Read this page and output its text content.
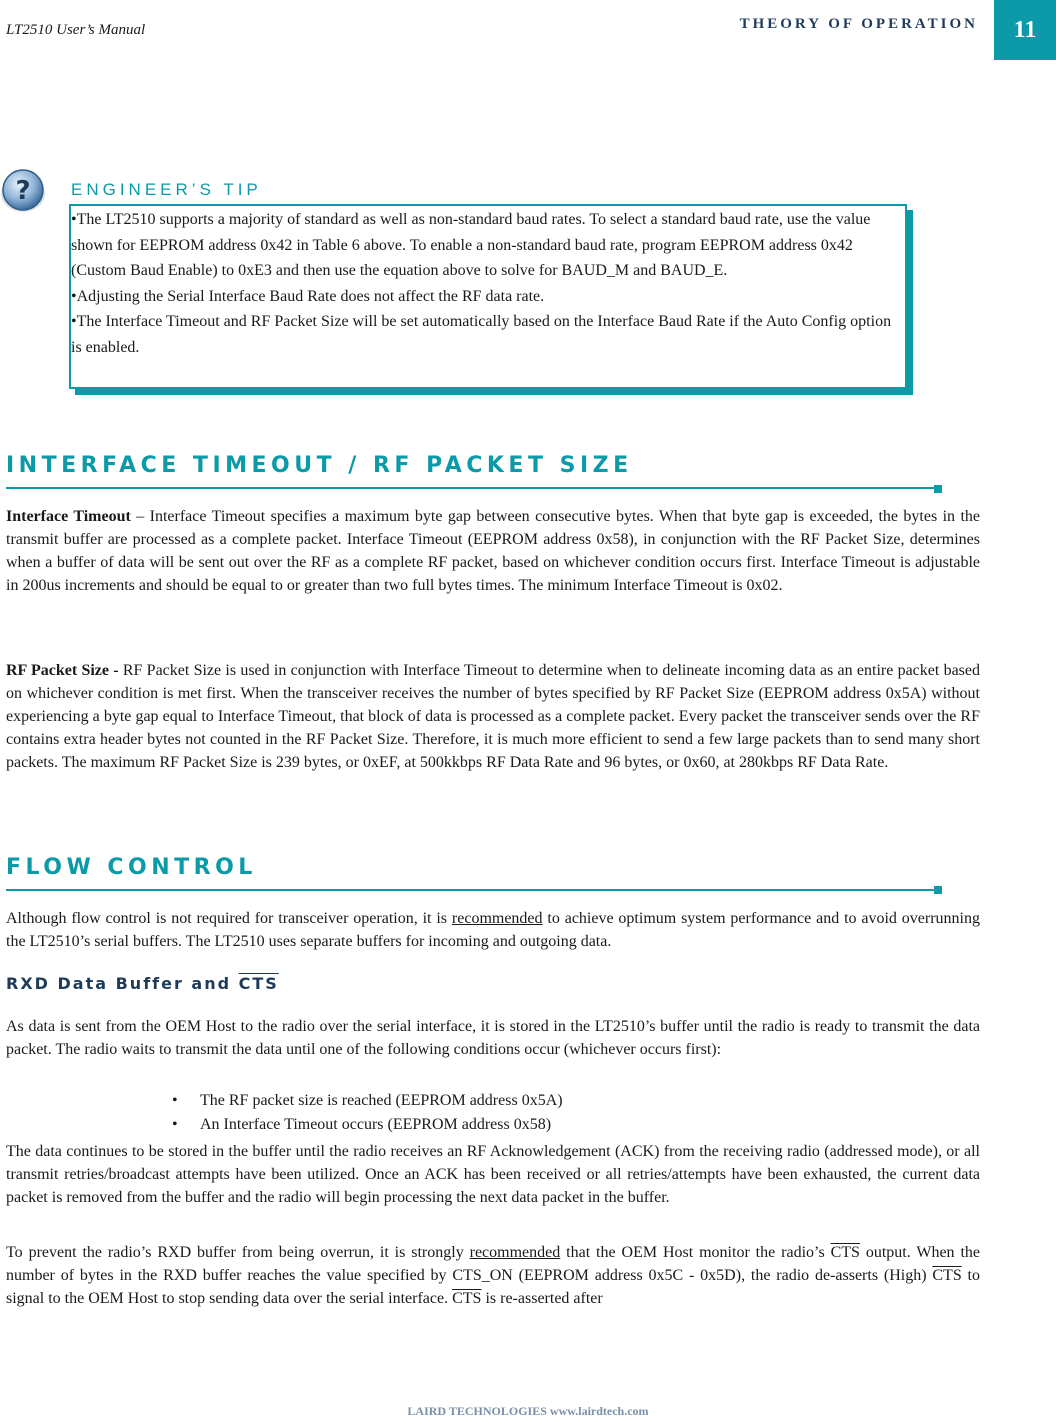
LT2510 User’s Manual	THEORY OF OPERATION	11
? ENGINEER’S TIP

•The LT2510 supports a majority of standard as well as non-standard baud rates. To select a standard baud rate, use the value shown for EEPROM address 0x42 in Table 6 above. To enable a non-standard baud rate, program EEPROM address 0x42 (Custom Baud Enable) to 0xE3 and then use the equation above to solve for BAUD_M and BAUD_E.

•Adjusting the Serial Interface Baud Rate does not affect the RF data rate.

•The Interface Timeout and RF Packet Size will be set automatically based on the Interface Baud Rate if the Auto Config option is enabled.

INTERFACE TIMEOUT / RF PACKET SIZE

Interface Timeout – Interface Timeout specifies a maximum byte gap between consecutive bytes. When that byte gap is exceeded, the bytes in the transmit buffer are processed as a complete packet. Interface Timeout (EEPROM address 0x58), in conjunction with the RF Packet Size, determines when a buffer of data will be sent out over the RF as a complete RF packet, based on whichever condition occurs first. Interface Timeout is adjustable in 200us increments and should be equal to or greater than two full bytes times. The minimum Interface Timeout is 0x02.

RF Packet Size - RF Packet Size is used in conjunction with Interface Timeout to determine when to delineate incoming data as an entire packet based on whichever condition is met first. When the transceiver receives the number of bytes specified by RF Packet Size (EEPROM address 0x5A) without experiencing a byte gap equal to Interface Timeout, that block of data is processed as a complete packet. Every packet the transceiver sends over the RF contains extra header bytes not counted in the RF Packet Size. Therefore, it is much more efficient to send a few large packets than to send many short packets. The maximum RF Packet Size is 239 bytes, or 0xEF, at 500kkbps RF Data Rate and 96 bytes, or 0x60, at 280kbps RF Data Rate.

FLOW CONTROL

Although flow control is not required for transceiver operation, it is recommended to achieve optimum system performance and to avoid overrunning the LT2510’s serial buffers. The LT2510 uses separate buffers for incoming and outgoing data.

RXD Data Buffer and $\overline{CTS}$

As data is sent from the OEM Host to the radio over the serial interface, it is stored in the LT2510’s buffer until the radio is ready to transmit the data packet. The radio waits to transmit the data until one of the following conditions occur (whichever occurs first):

• The RF packet size is reached (EEPROM address 0x5A)
• An Interface Timeout occurs (EEPROM address 0x58)

The data continues to be stored in the buffer until the radio receives an RF Acknowledgement (ACK) from the receiving radio (addressed mode), or all transmit retries/broadcast attempts have been utilized. Once an ACK has been received or all retries/attempts have been exhausted, the current data packet is removed from the buffer and the radio will begin processing the next data packet in the buffer.

To prevent the radio’s RXD buffer from being overrun, it is strongly recommended that the OEM Host monitor the radio’s $\overline{CTS}$ output. When the number of bytes in the RXD buffer reaches the value specified by CTS_ON (EEPROM address 0x5C - 0x5D), the radio de-asserts (High) $\overline{CTS}$ to signal to the OEM Host to stop sending data over the serial interface. $\overline{CTS}$ is re-asserted after

LAIRD TECHNOLOGIES www.lairdtech.com
